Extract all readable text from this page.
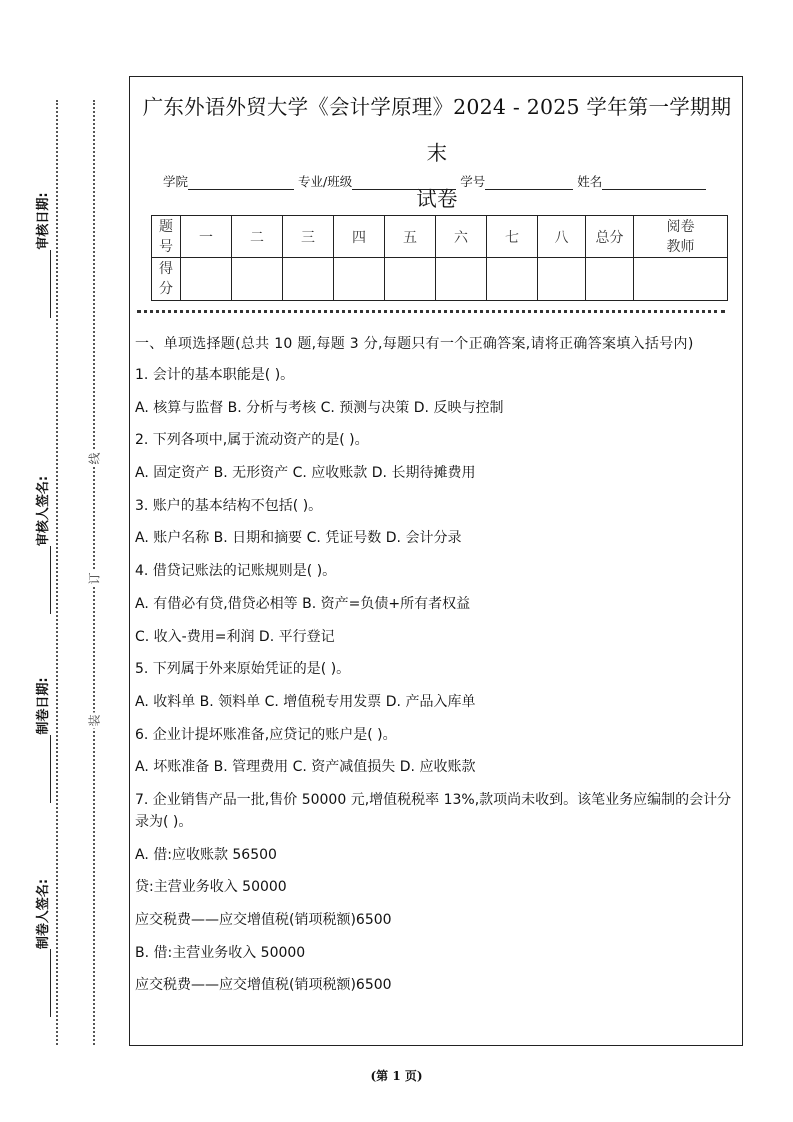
审核日期:
审核人签名:
制卷日期:
制卷人签名:
线
订
装
广东外语外贸大学《会计学原理》2024 - 2025 学年第一学期期末
试卷
学院	专业/班级	学号	姓名
题
号	一	二	三	四	五	六	七	八	总分	阅卷
教师
得
分										
一、单项选择题(总共 10 题,每题 3 分,每题只有一个正确答案,请将正确答案填入括号内)
1. 会计的基本职能是( )。
A. 核算与监督 B. 分析与考核 C. 预测与决策 D. 反映与控制
2. 下列各项中,属于流动资产的是( )。
A. 固定资产 B. 无形资产 C. 应收账款 D. 长期待摊费用
3. 账户的基本结构不包括( )。
A. 账户名称 B. 日期和摘要 C. 凭证号数 D. 会计分录
4. 借贷记账法的记账规则是( )。
A. 有借必有贷,借贷必相等 B. 资产=负债+所有者权益
C. 收入-费用=利润 D. 平行登记
5. 下列属于外来原始凭证的是( )。
A. 收料单 B. 领料单 C. 增值税专用发票 D. 产品入库单
6. 企业计提坏账准备,应贷记的账户是( )。
A. 坏账准备 B. 管理费用 C. 资产减值损失 D. 应收账款
7. 企业销售产品一批,售价 50000 元,增值税税率 13%,款项尚未收到。该笔业务应编制的会计分录为( )。
A. 借:应收账款 56500
贷:主营业务收入 50000
应交税费——应交增值税(销项税额)6500
B. 借:主营业务收入 50000
应交税费——应交增值税(销项税额)6500
(第 1 页)
